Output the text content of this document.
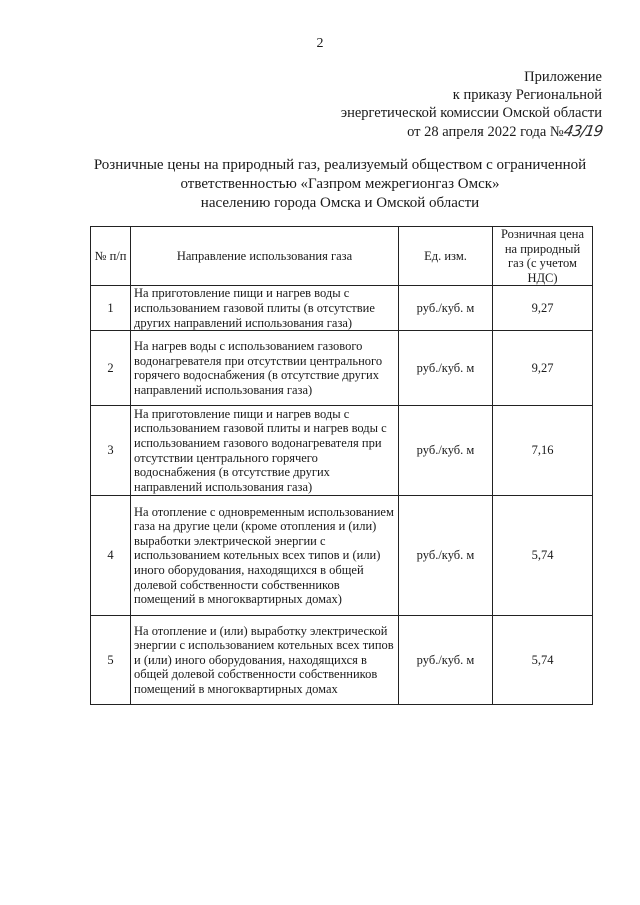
2
Приложение
к приказу Региональной
энергетической комиссии Омской области
от 28 апреля 2022 года №43/19
Розничные цены на природный газ, реализуемый обществом с ограниченной
ответственностью «Газпром межрегионгаз Омск»
населению города Омска и Омской области
№ п/п	Направление использования газа	Ед. изм.	Розничная цена на природный газ (с учетом НДС)
1	На приготовление пищи и нагрев воды с использованием газовой плиты (в отсутствие других направлений использования газа)	руб./куб. м	9,27
2	На нагрев воды с использованием газового водонагревателя при отсутствии центрального горячего водоснабжения (в отсутствие других направлений использования газа)	руб./куб. м	9,27
3	На приготовление пищи и нагрев воды с использованием газовой плиты и нагрев воды с использованием газового водонагревателя при отсутствии центрального горячего водоснабжения (в отсутствие других направлений использования газа)	руб./куб. м	7,16
4	На отопление с одновременным использованием газа на другие цели (кроме отопления и (или) выработки электрической энергии с использованием котельных всех типов и (или) иного оборудования, находящихся в общей долевой собственности собственников помещений в многоквартирных домах)	руб./куб. м	5,74
5	На отопление и (или) выработку электрической энергии с использованием котельных всех типов и (или) иного оборудования, находящихся в общей долевой собственности собственников помещений в многоквартирных домах	руб./куб. м	5,74
